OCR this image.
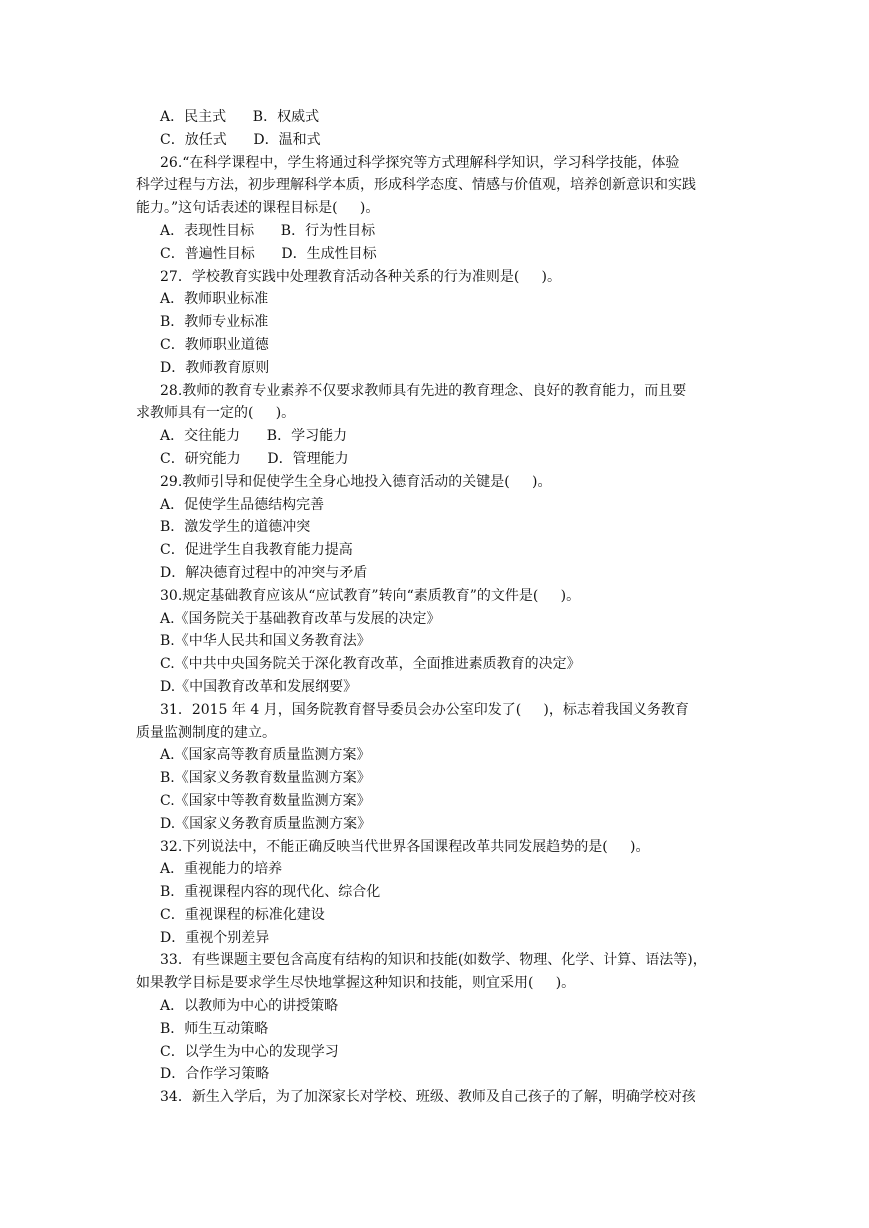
A．民主式      B．权威式
C．放任式      D．温和式
26.“在科学课程中，学生将通过科学探究等方式理解科学知识，学习科学技能，体验
科学过程与方法，初步理解科学本质，形成科学态度、情感与价值观，培养创新意识和实践
能力。”这句话表述的课程目标是(     )。
A．表现性目标      B．行为性目标
C．普遍性目标      D．生成性目标
27．学校教育实践中处理教育活动各种关系的行为准则是(     )。
A．教师职业标准
B．教师专业标准
C．教师职业道德
D．教师教育原则
28.教师的教育专业素养不仅要求教师具有先进的教育理念、良好的教育能力，而且要
求教师具有一定的(     )。
A．交往能力      B．学习能力
C．研究能力      D．管理能力
29.教师引导和促使学生全身心地投入德育活动的关键是(     )。
A．促使学生品德结构完善
B．激发学生的道德冲突
C．促进学生自我教育能力提高
D．解决德育过程中的冲突与矛盾
30.规定基础教育应该从“应试教育”转向“素质教育”的文件是(     )。
A.《国务院关于基础教育改革与发展的决定》
B.《中华人民共和国义务教育法》
C.《中共中央国务院关于深化教育改革，全面推进素质教育的决定》
D.《中国教育改革和发展纲要》
31．2015 年 4 月，国务院教育督导委员会办公室印发了(     )，标志着我国义务教育
质量监测制度的建立。
A.《国家高等教育质量监测方案》
B.《国家义务教育数量监测方案》
C.《国家中等教育数量监测方案》
D.《国家义务教育质量监测方案》
32.下列说法中，不能正确反映当代世界各国课程改革共同发展趋势的是(     )。
A．重视能力的培养
B．重视课程内容的现代化、综合化
C．重视课程的标准化建设
D．重视个别差异
33．有些课题主要包含高度有结构的知识和技能(如数学、物理、化学、计算、语法等)，
如果教学目标是要求学生尽快地掌握这种知识和技能，则宜采用(     )。
A．以教师为中心的讲授策略
B．师生互动策略
C．以学生为中心的发现学习
D．合作学习策略
34．新生入学后，为了加深家长对学校、班级、教师及自己孩子的了解，明确学校对孩
